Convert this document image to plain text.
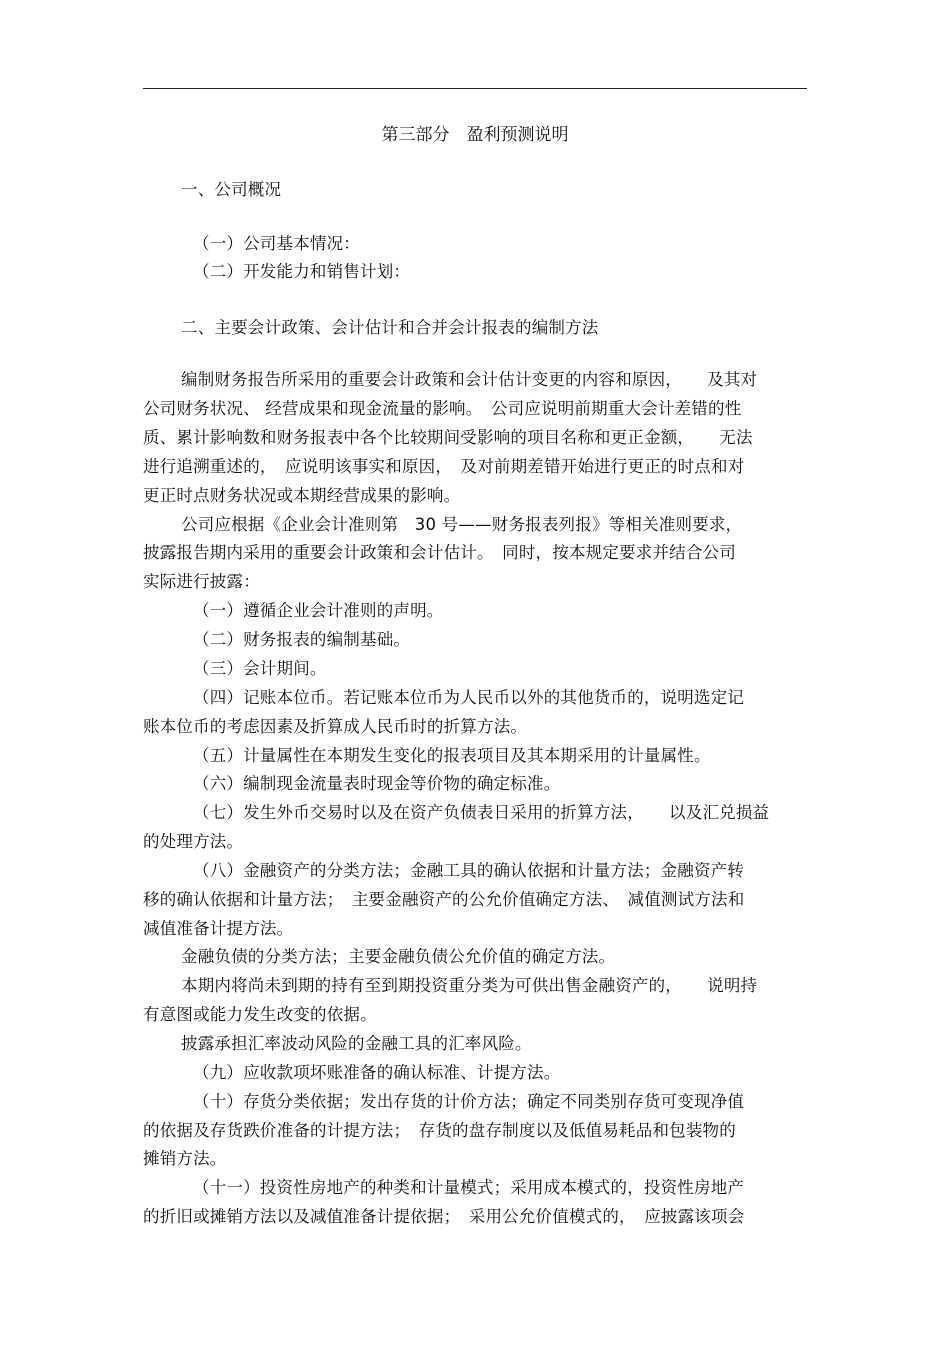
第三部分　盈利预测说明
一、公司概况
（一）公司基本情况：
（二）开发能力和销售计划：
二、主要会计政策、会计估计和合并会计报表的编制方法
编制财务报告所采用的重要会计政策和会计估计变更的内容和原因，　　及其对
公司财务状况、 经营成果和现金流量的影响。　公司应说明前期重大会计差错的性
质、累计影响数和财务报表中各个比较期间受影响的项目名称和更正金额，　　无法
进行追溯重述的，　应说明该事实和原因，　及对前期差错开始进行更正的时点和对
更正时点财务状况或本期经营成果的影响。
公司应根据《企业会计准则第　30 号——财务报表列报》等相关准则要求，
披露报告期内采用的重要会计政策和会计估计。　同时，按本规定要求并结合公司
实际进行披露：
（一）遵循企业会计准则的声明。
（二）财务报表的编制基础。
（三）会计期间。
（四）记账本位币。若记账本位币为人民币以外的其他货币的，说明选定记
账本位币的考虑因素及折算成人民币时的折算方法。
（五）计量属性在本期发生变化的报表项目及其本期采用的计量属性。
（六）编制现金流量表时现金等价物的确定标准。
（七）发生外币交易时以及在资产负债表日采用的折算方法，　　以及汇兑损益
的处理方法。
（八）金融资产的分类方法；金融工具的确认依据和计量方法；金融资产转
移的确认依据和计量方法；　主要金融资产的公允价值确定方法、　减值测试方法和
减值准备计提方法。
金融负债的分类方法；主要金融负债公允价值的确定方法。
本期内将尚未到期的持有至到期投资重分类为可供出售金融资产的，　　说明持
有意图或能力发生改变的依据。
披露承担汇率波动风险的金融工具的汇率风险。
（九）应收款项坏账准备的确认标准、计提方法。
（十）存货分类依据；发出存货的计价方法；确定不同类别存货可变现净值
的依据及存货跌价准备的计提方法；　存货的盘存制度以及低值易耗品和包装物的
摊销方法。
（十一）投资性房地产的种类和计量模式；采用成本模式的，投资性房地产
的折旧或摊销方法以及减值准备计提依据；　采用公允价值模式的，　应披露该项会
